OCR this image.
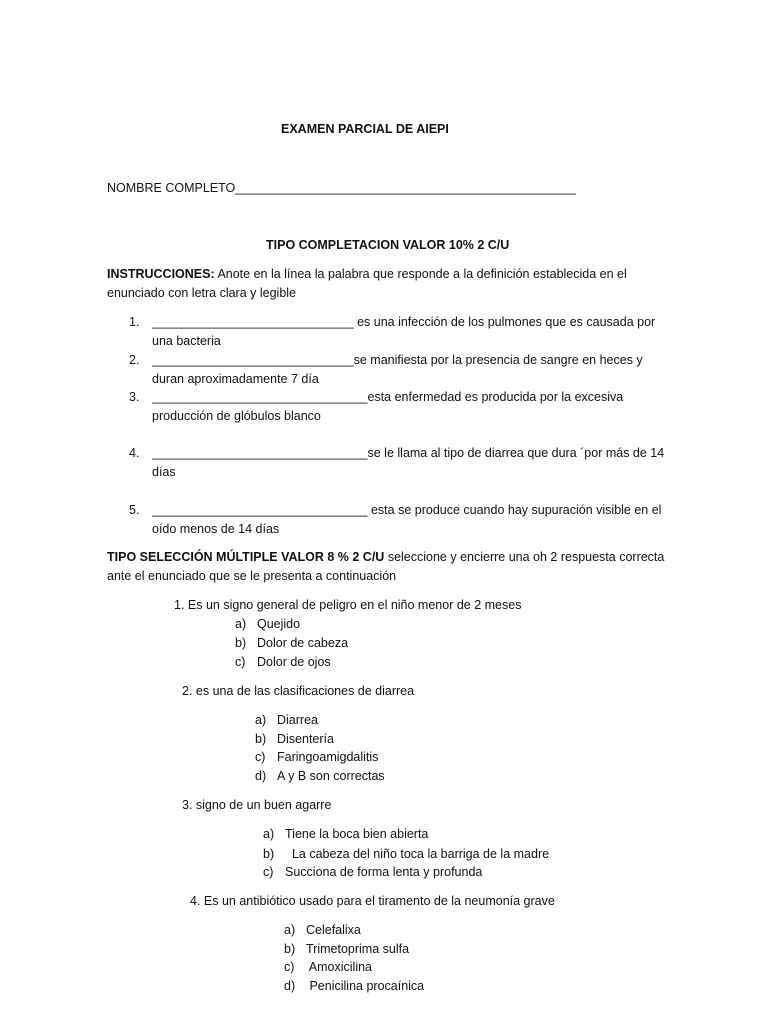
EXAMEN PARCIAL DE AIEPI
NOMBRE COMPLETO_________________________________________________
TIPO COMPLETACION VALOR 10% 2 C/U
INSTRUCCIONES: Anote en la línea la palabra que responde a la definición establecida en el enunciado con letra clara y legible
1. _____________________________ es una infección de los pulmones que es causada por una bacteria
2. _____________________________se manifiesta por la presencia de sangre en heces y duran aproximadamente 7 día
3. _______________________________esta enfermedad es producida por la excesiva producción de glóbulos blanco
4. _______________________________se le llama al tipo de diarrea que dura ´por más de 14 días
5. _______________________________ esta se produce cuando hay supuración visible en el oído menos de 14 días
TIPO SELECCIÓN MÚLTIPLE VALOR 8 % 2 C/U seleccione y encierre una oh 2 respuesta correcta ante el enunciado que se le presenta a continuación
1. Es un signo general de peligro en el niño menor de 2 meses
a) Quejido
b) Dolor de cabeza
c) Dolor de ojos
2. es una de las clasificaciones de diarrea
a) Diarrea
b) Disentería
c) Faringoamigdalitis
d) A y B son correctas
3. signo de un buen agarre
a) Tiene la boca bien abierta
b)  La cabeza del niño toca la barriga de la madre
c) Succiona de forma lenta y profunda
4. Es un antibiótico usado para el tiramento de la neumonía grave
a) Celefalixa
b) Trimetoprima sulfa
c) Amoxicilina
d) Penicilina procaínica
